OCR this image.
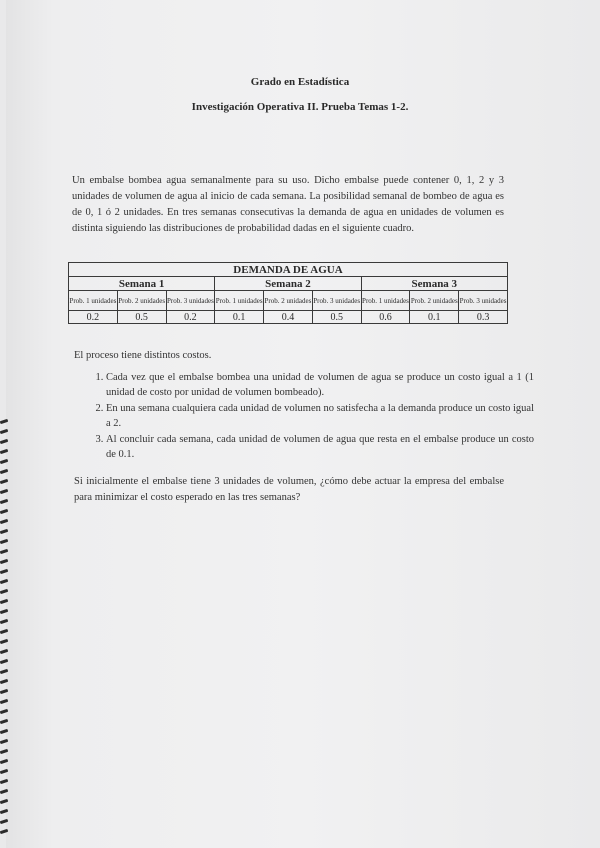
Grado en Estadística
Investigación Operativa II. Prueba Temas 1-2.

Un embalse bombea agua semanalmente para su uso. Dicho embalse puede contener 0, 1, 2 y 3 unidades de volumen de agua al inicio de cada semana. La posibilidad semanal de bombeo de agua es de 0, 1 ó 2 unidades. En tres semanas consecutivas la demanda de agua en unidades de volumen es distinta siguiendo las distribuciones de probabilidad dadas en el siguiente cuadro.

DEMANDA DE AGUA								
Semana 1			Semana 2			Semana 3		
Prob. 1 unidades	Prob. 2 unidades	Prob. 3 unidades	Prob. 1 unidades	Prob. 2 unidades	Prob. 3 unidades	Prob. 1 unidades	Prob. 2 unidades	Prob. 3 unidades
0.2	0.5	0.2	0.1	0.4	0.5	0.6	0.1	0.3
El proceso tiene distintos costos.
1. Cada vez que el embalse bombea una unidad de volumen de agua se produce un costo igual a 1 (1 unidad de costo por unidad de volumen bombeado).
2. En una semana cualquiera cada unidad de volumen no satisfecha a la demanda produce un costo igual a 2.
3. Al concluir cada semana, cada unidad de volumen de agua que resta en el embalse produce un costo de 0.1.

Si inicialmente el embalse tiene 3 unidades de volumen, ¿cómo debe actuar la empresa del embalse para minimizar el costo esperado en las tres semanas?
